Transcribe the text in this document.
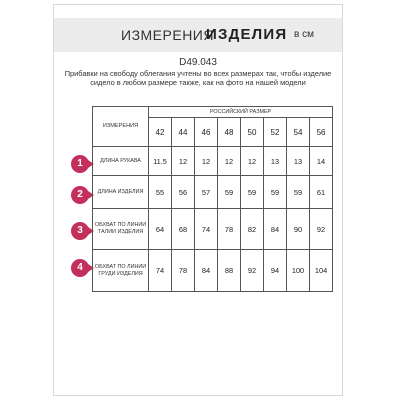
ИЗМЕРЕНИЯ
ИЗДЕЛИЯ в см
D49.043
Прибавки на свободу облегания учтены во всех размерах так, чтобы изделие сидело в любом размере также, как на фото на нашей модели
1
2
3
4
ИЗМЕРЕНИЯ	РОССИЙСКИЙ РАЗМЕР							
	42	44	46	48	50	52	54	56
ДЛИНА РУКАВА	11.5	12	12	12	12	13	13	14
ДЛИНА ИЗДЕЛИЯ	55	56	57	59	59	59	59	61
ОБХВАТ ПО ЛИНИИ ТАЛИИ ИЗДЕЛИЯ	64	68	74	78	82	84	90	92
ОБХВАТ ПО ЛИНИИ ГРУДИ ИЗДЕЛИЯ	74	78	84	88	92	94	100	104
